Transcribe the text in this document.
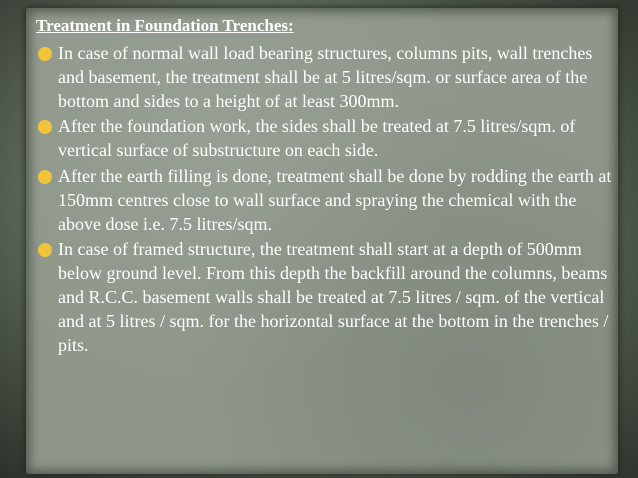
Treatment in Foundation Trenches:
In case of normal wall load bearing structures, columns pits, wall trenches and basement, the treatment shall be at 5 litres/sqm. or surface area of the bottom and sides to a height of at least 300mm.
After the foundation work, the sides shall be treated at 7.5 litres/sqm. of vertical surface of substructure on each side.
After the earth filling is done, treatment shall be done by rodding the earth at 150mm centres close to wall surface and spraying the chemical with the above dose i.e. 7.5 litres/sqm.
In case of framed structure, the treatment shall start at a depth of 500mm below ground level. From this depth the backfill around the columns, beams and R.C.C. basement walls shall be treated at 7.5 litres / sqm. of the vertical and at 5 litres / sqm. for the horizontal surface at the bottom in the trenches / pits.
